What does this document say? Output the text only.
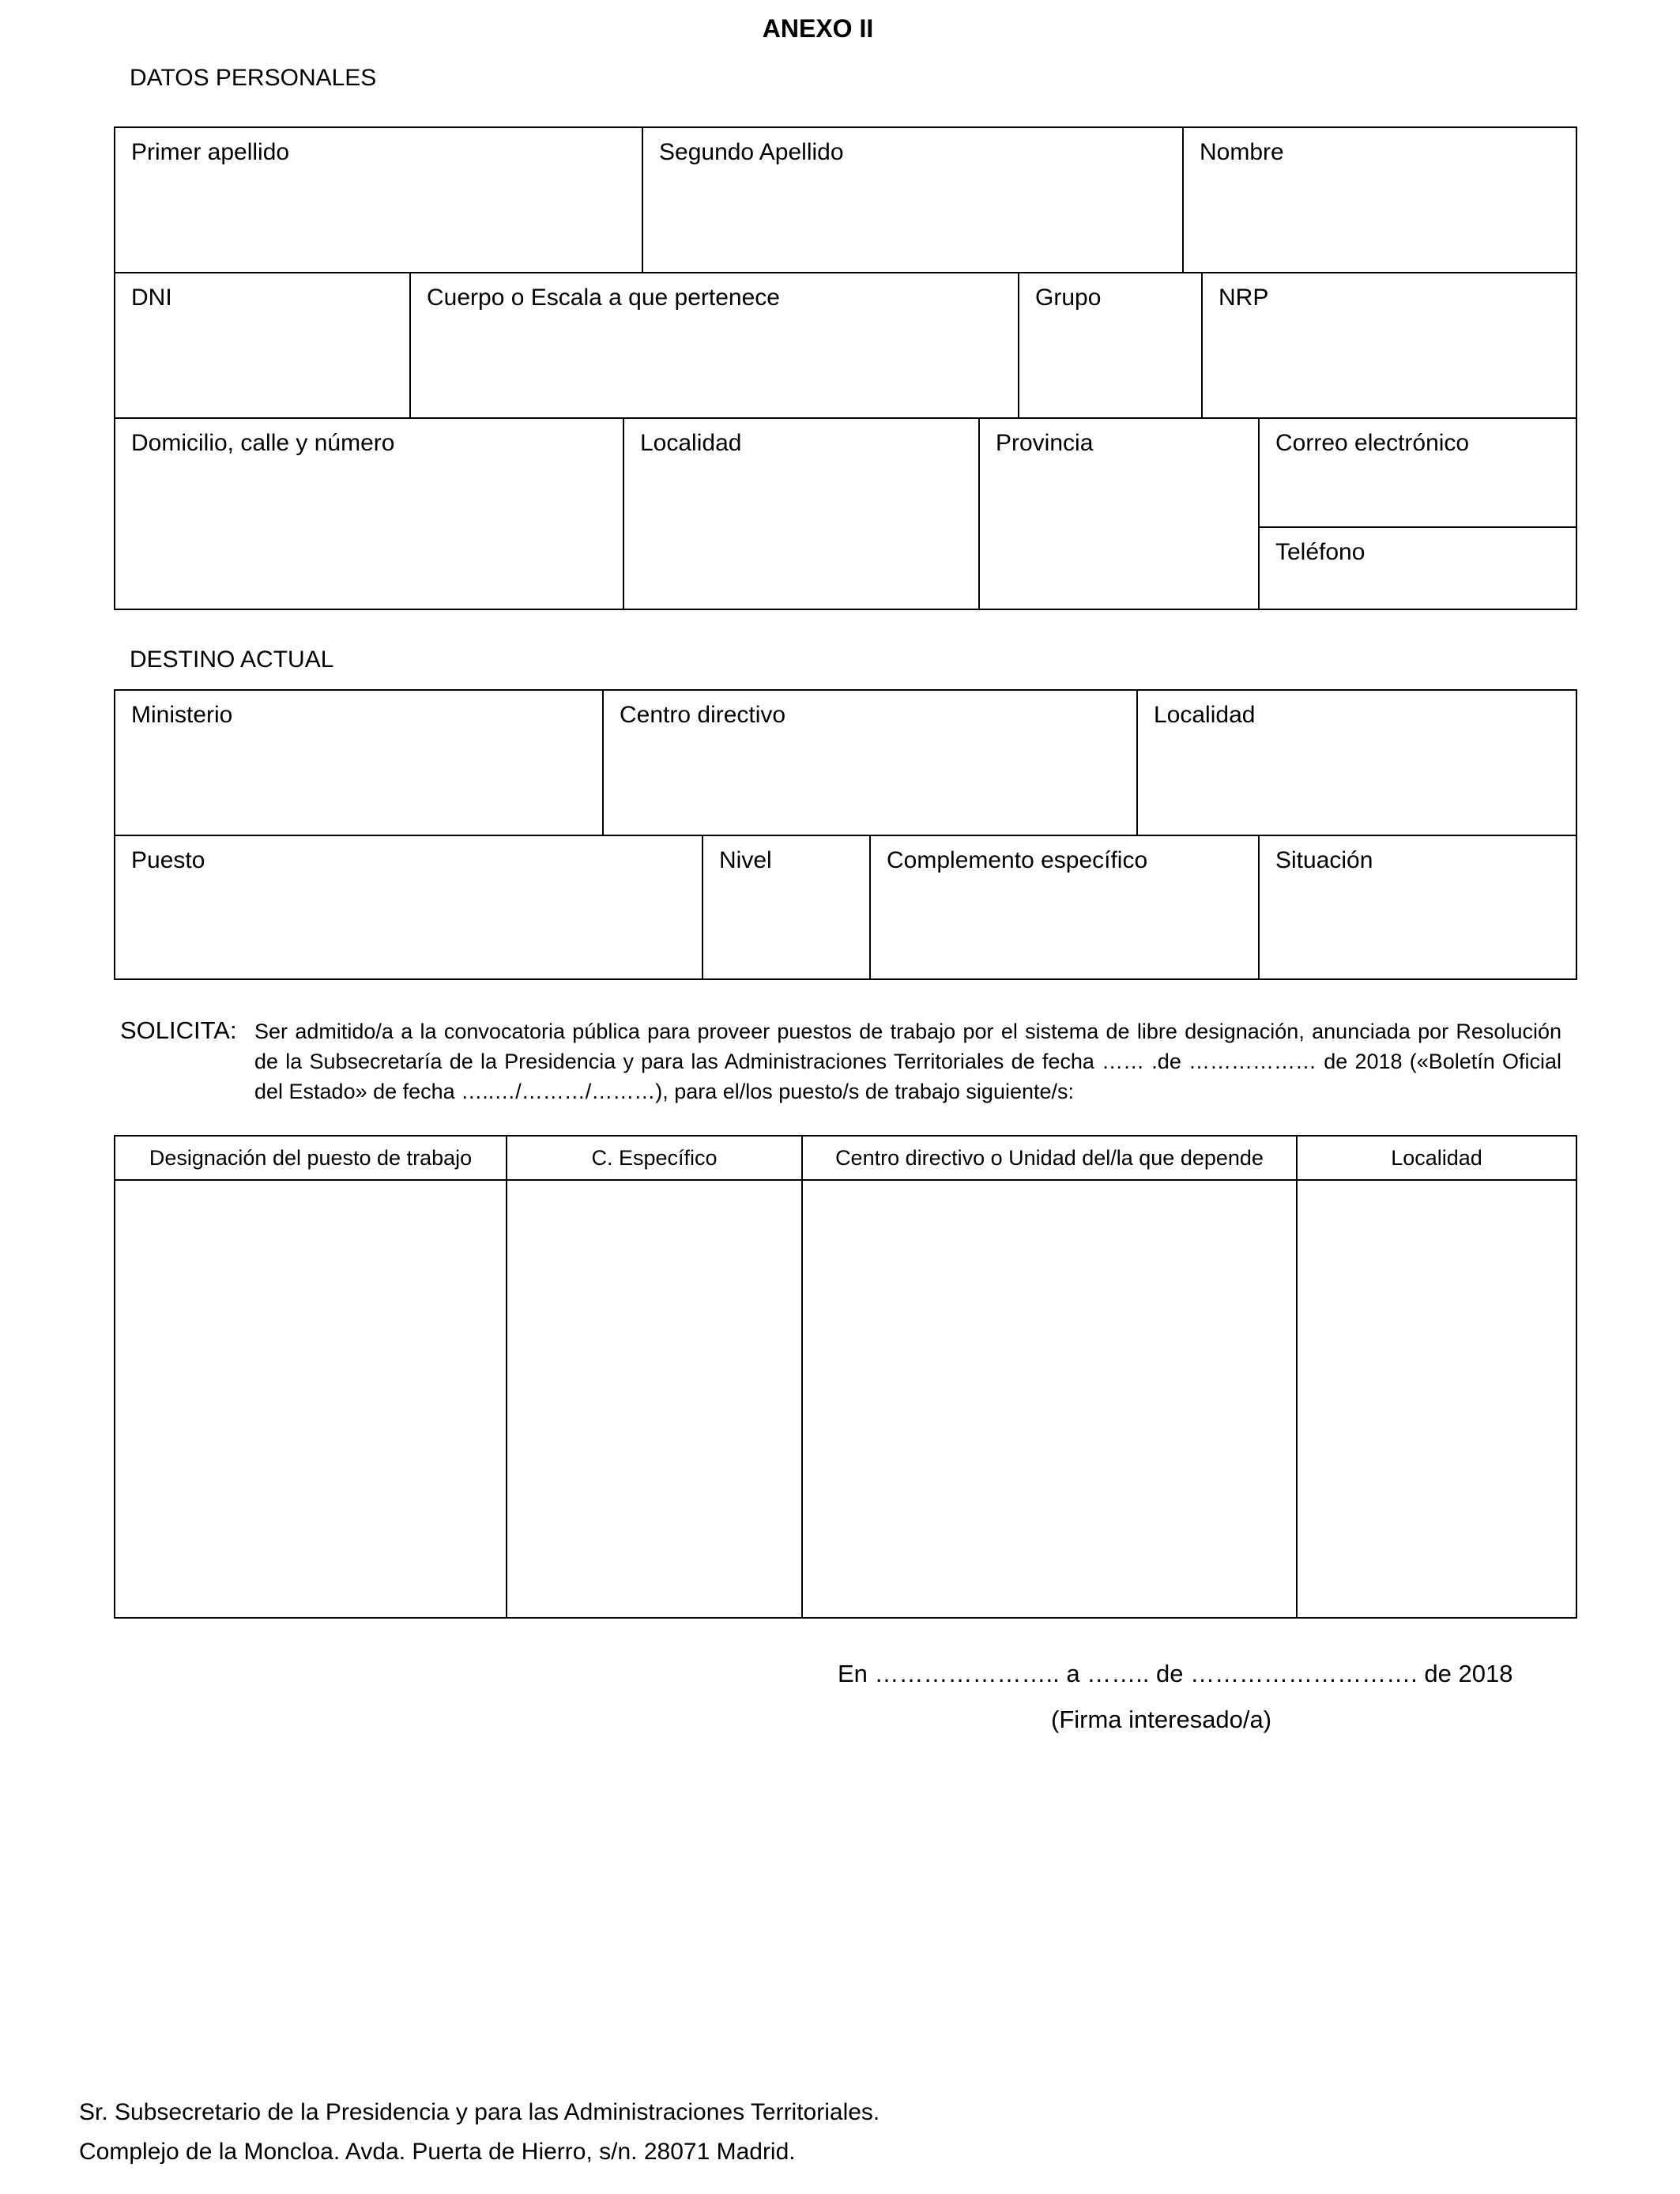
ANEXO II
DATOS PERSONALES
Primer apellido	Segundo Apellido	Nombre
DNI	Cuerpo o Escala a que pertenece	Grupo	NRP
Domicilio, calle y número	Localidad	Provincia	Correo electrónico
Teléfono
DESTINO ACTUAL
Ministerio	Centro directivo	Localidad
Puesto	Nivel	Complemento específico	Situación
SOLICITA: Ser admitido/a a la convocatoria pública para proveer puestos de trabajo por el sistema de libre designación, anunciada por Resolución de la Subsecretaría de la Presidencia y para las Administraciones Territoriales de fecha …… .de ……………… de 2018 («Boletín Oficial del Estado» de fecha …..…/………/………), para el/los puesto/s de trabajo siguiente/s:
Designación del puesto de trabajo	C. Específico	Centro directivo o Unidad del/la que depende	Localidad
En ………………….. a …….. de ………………………. de 2018
(Firma interesado/a)
Sr. Subsecretario de la Presidencia y para las Administraciones Territoriales.
Complejo de la Moncloa. Avda. Puerta de Hierro, s/n. 28071 Madrid.
